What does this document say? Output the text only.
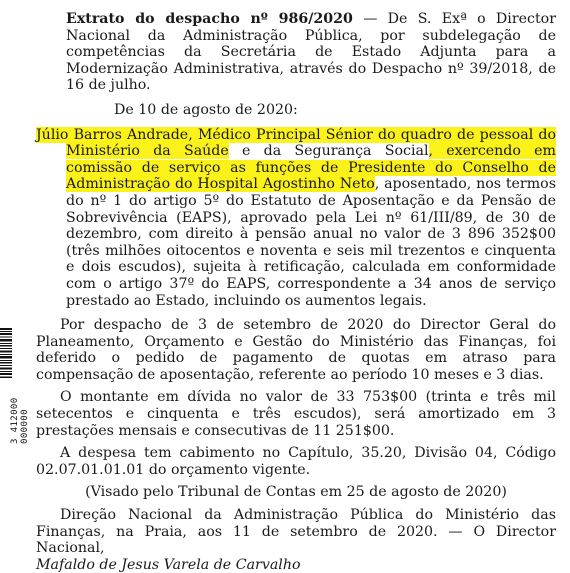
3 412000 000000

Extrato do despacho nº 986/2020 — De S. Exª o Director Nacional da Administração Pública, por subdelegação de competências da Secretária de Estado Adjunta para a Modernização Administrativa, através do Despacho nº 39/2018, de 16 de julho.

De 10 de agosto de 2020:

Júlio Barros Andrade, Médico Principal Sénior do quadro de pessoal do Ministério da Saúde e da Segurança Social, exercendo em comissão de serviço as funções de Presidente do Conselho de Administração do Hospital Agostinho Neto, aposentado, nos termos do nº 1 do artigo 5º do Estatuto de Aposentação e da Pensão de Sobrevivência (EAPS), aprovado pela Lei nº 61/III/89, de 30 de dezembro, com direito à pensão anual no valor de 3 896 352$00 (três milhões oitocentos e noventa e seis mil trezentos e cinquenta e dois escudos), sujeita à retificação, calculada em conformidade com o artigo 37º do EAPS, correspondente a 34 anos de serviço prestado ao Estado, incluindo os aumentos legais.

Por despacho de 3 de setembro de 2020 do Director Geral do Planeamento, Orçamento e Gestão do Ministério das Finanças, foi deferido o pedido de pagamento de quotas em atraso para compensação de aposentação, referente ao período 10 meses e 3 dias.

O montante em dívida no valor de 33 753$00 (trinta e três mil setecentos e cinquenta e três escudos), será amortizado em 3 prestações mensais e consecutivas de 11 251$00.

A despesa tem cabimento no Capítulo, 35.20, Divisão 04, Código 02.07.01.01.01 do orçamento vigente.

(Visado pelo Tribunal de Contas em 25 de agosto de 2020)

Direção Nacional da Administração Pública do Ministério das Finanças, na Praia, aos 11 de setembro de 2020. — O Director Nacional,

Mafaldo de Jesus Varela de Carvalho
